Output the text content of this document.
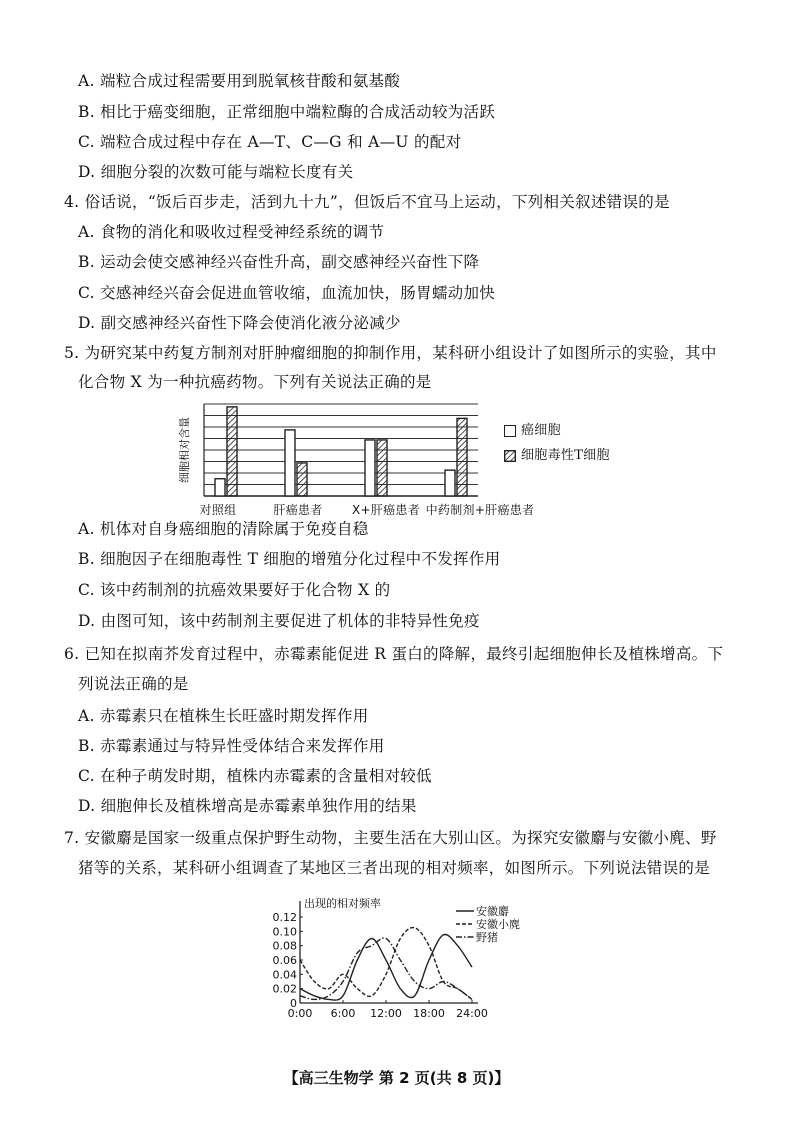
A. 端粒合成过程需要用到脱氧核苷酸和氨基酸
B. 相比于癌变细胞，正常细胞中端粒酶的合成活动较为活跃
C. 端粒合成过程中存在 A—T、C—G 和 A—U 的配对
D. 细胞分裂的次数可能与端粒长度有关
4. 俗话说，“饭后百步走，活到九十九”，但饭后不宜马上运动，下列相关叙述错误的是
A. 食物的消化和吸收过程受神经系统的调节
B. 运动会使交感神经兴奋性升高，副交感神经兴奋性下降
C. 交感神经兴奋会促进血管收缩，血流加快，肠胃蠕动加快
D. 副交感神经兴奋性下降会使消化液分泌减少
5. 为研究某中药复方制剂对肝肿瘤细胞的抑制作用，某科研小组设计了如图所示的实验，其中
化合物 X 为一种抗癌药物。下列有关说法正确的是
细胞相对含量	癌细胞
细胞毒性T细胞
A. 机体对自身癌细胞的清除属于免疫自稳
B. 细胞因子在细胞毒性 T 细胞的增殖分化过程中不发挥作用
C. 该中药制剂的抗癌效果要好于化合物 X 的
D. 由图可知，该中药制剂主要促进了机体的非特异性免疫
6. 已知在拟南芥发育过程中，赤霉素能促进 R 蛋白的降解，最终引起细胞伸长及植株增高。下
列说法正确的是
A. 赤霉素只在植株生长旺盛时期发挥作用
B. 赤霉素通过与特异性受体结合来发挥作用
C. 在种子萌发时期，植株内赤霉素的含量相对较低
D. 细胞伸长及植株增高是赤霉素单独作用的结果
7. 安徽麝是国家一级重点保护野生动物，主要生活在大别山区。为探究安徽麝与安徽小麂、野
猪等的关系，某科研小组调查了某地区三者出现的相对频率，如图所示。下列说法错误的是
出现的相对频率
0
0.02
0.04
0.06
0.08
0.10
0.12
0:00 6:00 12:00 18:00 24:00
安徽麝
安徽小麂
野猪
【高三生物学 第 2 页(共 8 页)】
对照组	肝癌患者 X+肝癌患者 中药制剂+肝癌患者
